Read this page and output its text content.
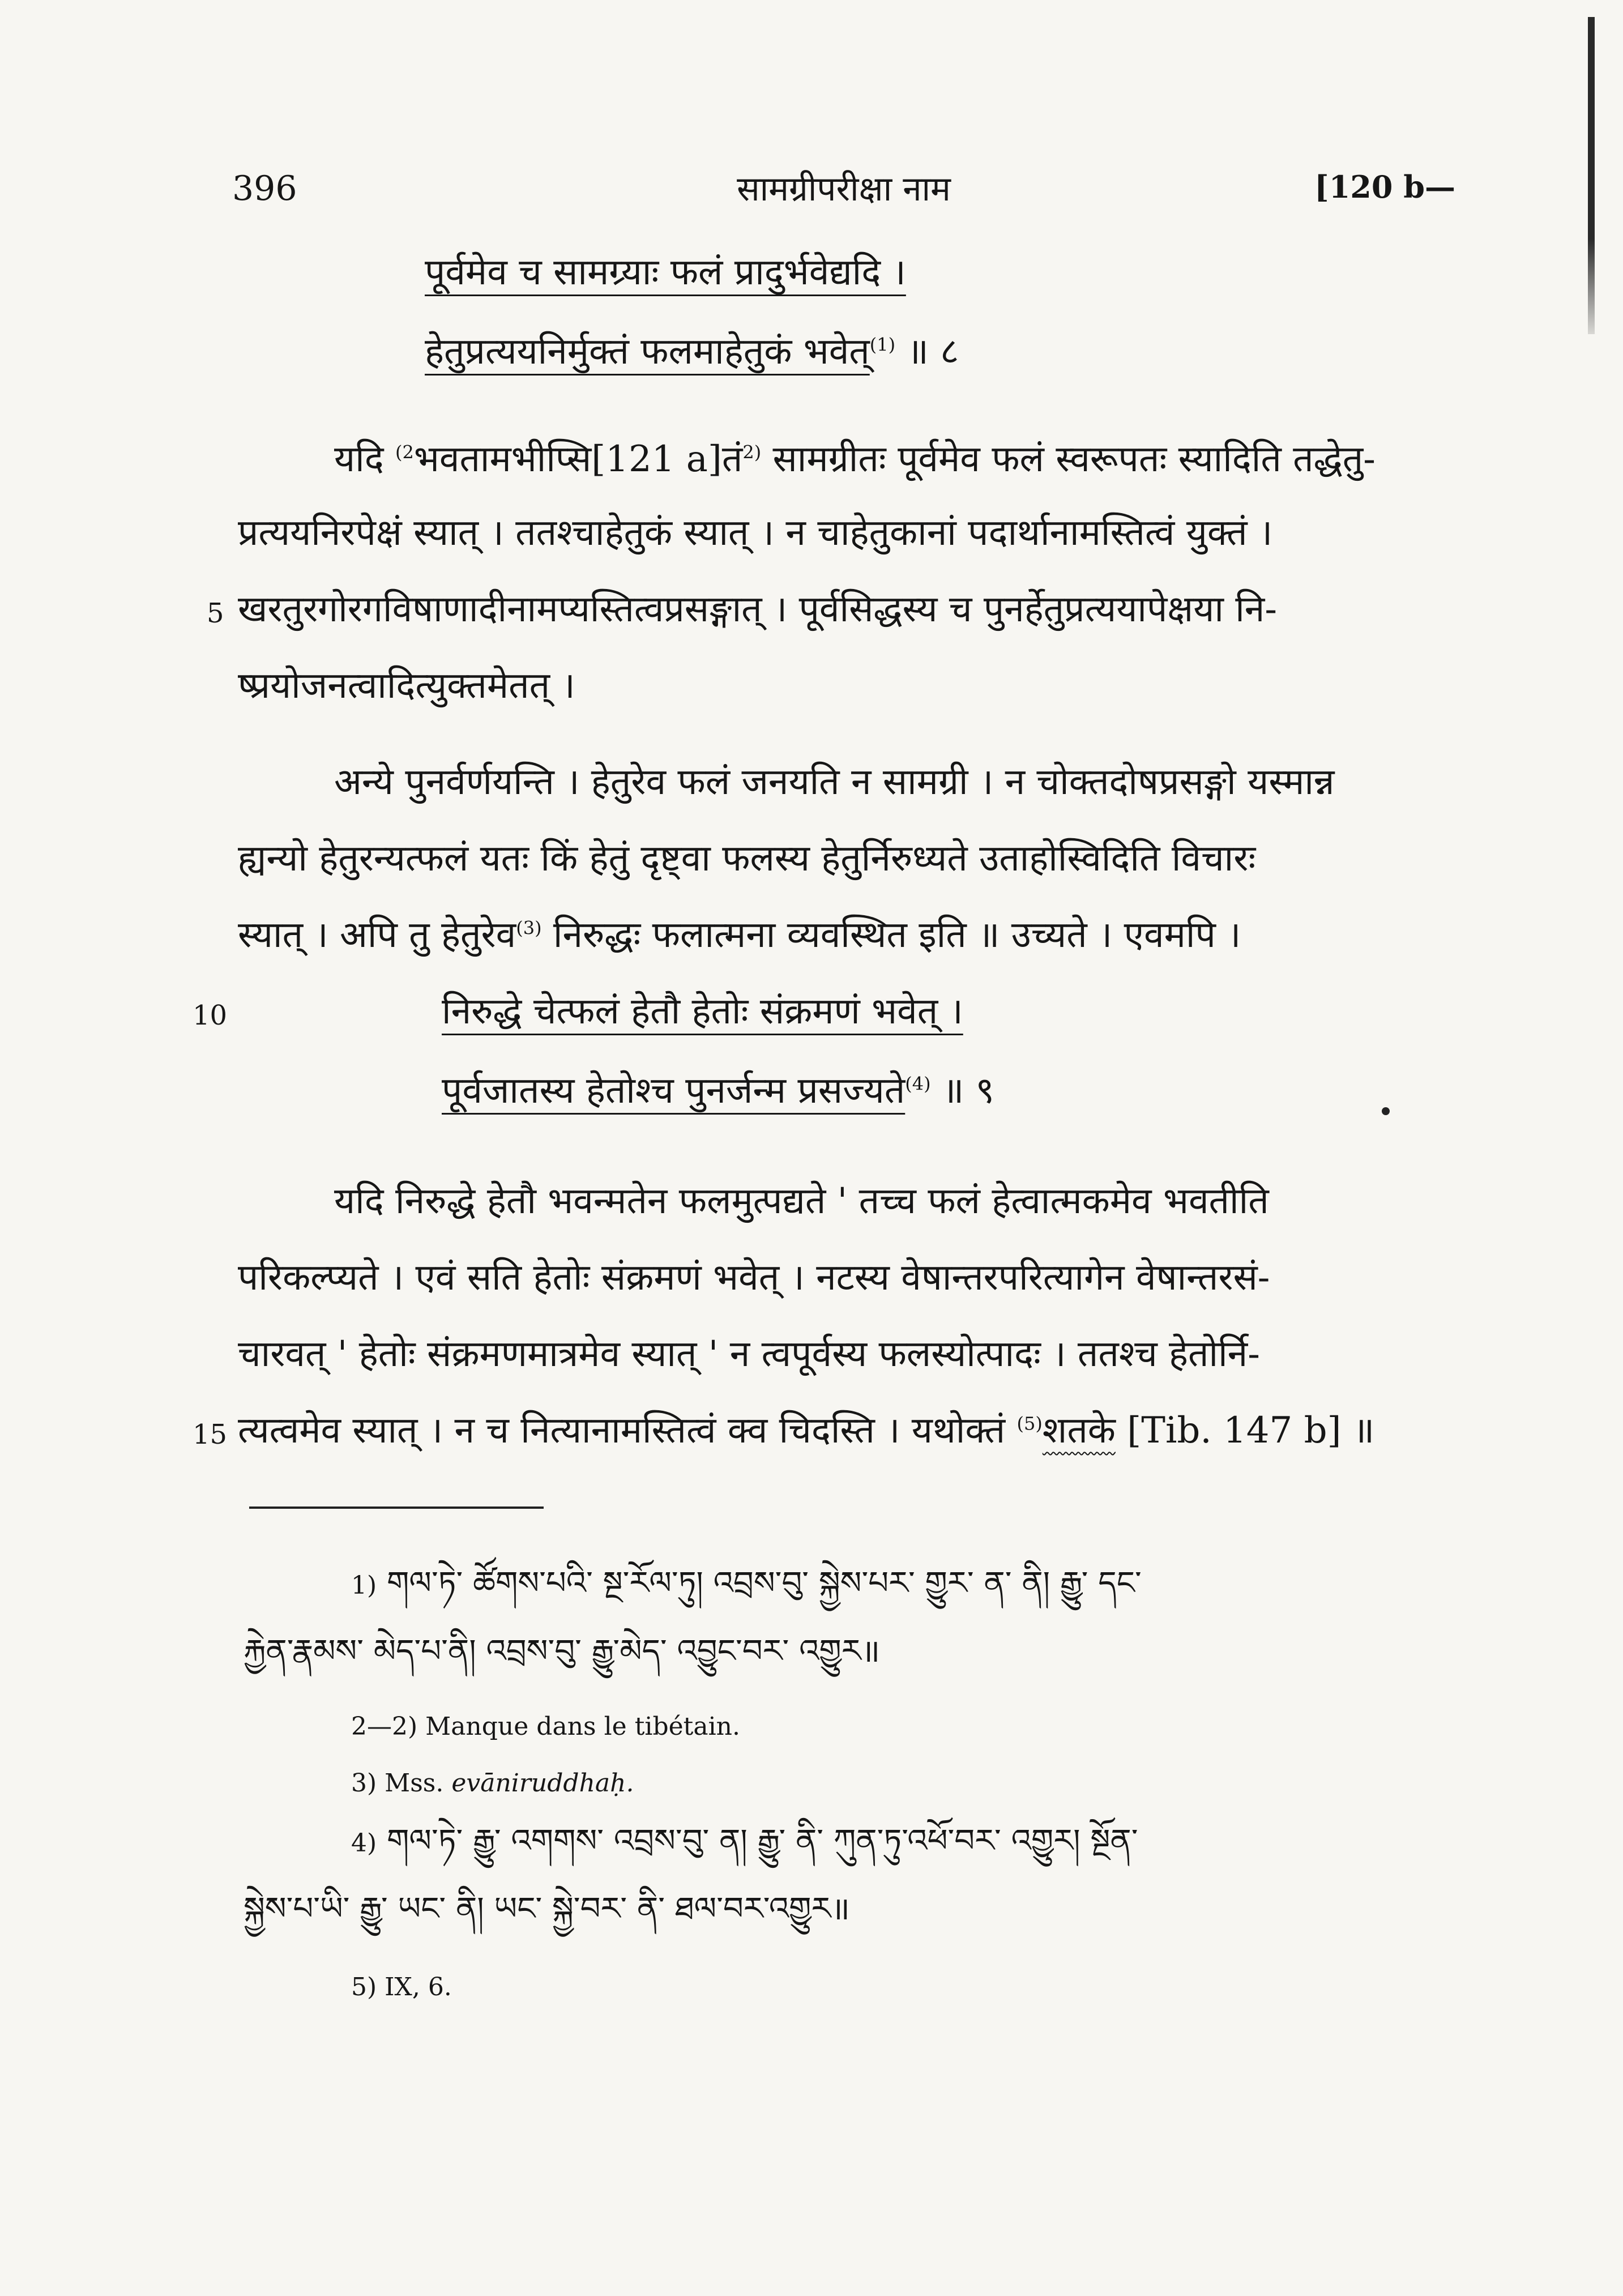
396	सामग्रीपरीक्षा नाम	[120 b—
पूर्वमेव च सामग्र्याः फलं प्रादुर्भवेद्यदि ।
हेतुप्रत्ययनिर्मुक्तं फलमाहेतुकं भवेत्$^{(1)}$ ॥ ८
यदि $^{(2}$भवतामभीप्सि[121 a]तं$^{2)}$ सामग्रीतः पूर्वमेव फलं स्वरूपतः स्यादिति तद्धेतु-
प्रत्ययनिरपेक्षं स्यात् । ततश्चाहेतुकं स्यात् । न चाहेतुकानां पदार्थानामस्तित्वं युक्तं ।
5 खरतुरगोरगविषाणादीनामप्यस्तित्वप्रसङ्गात् । पूर्वसिद्धस्य च पुनर्हेतुप्रत्ययापेक्षया नि-
ष्प्रयोजनत्वादित्युक्तमेतत् ।
अन्ये पुनर्वर्णयन्ति । हेतुरेव फलं जनयति न सामग्री । न चोक्तदोषप्रसङ्गो यस्मान्न
ह्यन्यो हेतुरन्यत्फलं यतः किं हेतुं दृष्ट्वा फलस्य हेतुर्निरुध्यते उताहोस्विदिति विचारः
स्यात् । अपि तु हेतुरेव$^{(3)}$ निरुद्धः फलात्मना व्यवस्थित इति ॥ उच्यते । एवमपि ।
10	निरुद्धे चेत्फलं हेतौ हेतोः संक्रमणं भवेत् ।
पूर्वजातस्य हेतोश्च पुनर्जन्म प्रसज्यते$^{(4)}$ ॥ ९
यदि निरुद्धे हेतौ भवन्मतेन फलमुत्पद्यते ' तच्च फलं हेत्वात्मकमेव भवतीति
परिकल्प्यते । एवं सति हेतोः संक्रमणं भवेत् । नटस्य वेषान्तरपरित्यागेन वेषान्तरसं-
चारवत् ' हेतोः संक्रमणमात्रमेव स्यात् ' न त्वपूर्वस्य फलस्योत्पादः । ततश्च हेतोर्नि-
15 त्यत्वमेव स्यात् । न च नित्यानामस्तित्वं क्व चिदस्ति । यथोक्तं $^{(5)}$शतके [Tib. 147 b] ॥
1) གལ་ཏེ་ ཚོགས་པའི་ སྔ་རོལ་ཏུ། འབྲས་བུ་ སྐྱེས་པར་ གྱུར་ ན་ ནི། རྒྱུ་ དང་
རྐྱེན་རྣམས་ མེད་པ་ནི། འབྲས་བུ་ རྒྱུ་མེད་ འབྱུང་བར་ འགྱུར॥
2—2) Manque dans le tibétain.
3) Mss. evāniruddhaḥ.
4) གལ་ཏེ་ རྒྱུ་ འགགས་ འབྲས་བུ་ ན། རྒྱུ་ ནི་ ཀུན་ཏུ་འཕོ་བར་ འགྱུར། སྔོན་
སྐྱེས་པ་ཡི་ རྒྱུ་ ཡང་ ནི། ཡང་ སྐྱེ་བར་ ནི་ ཐལ་བར་འགྱུར॥
5) IX, 6.
